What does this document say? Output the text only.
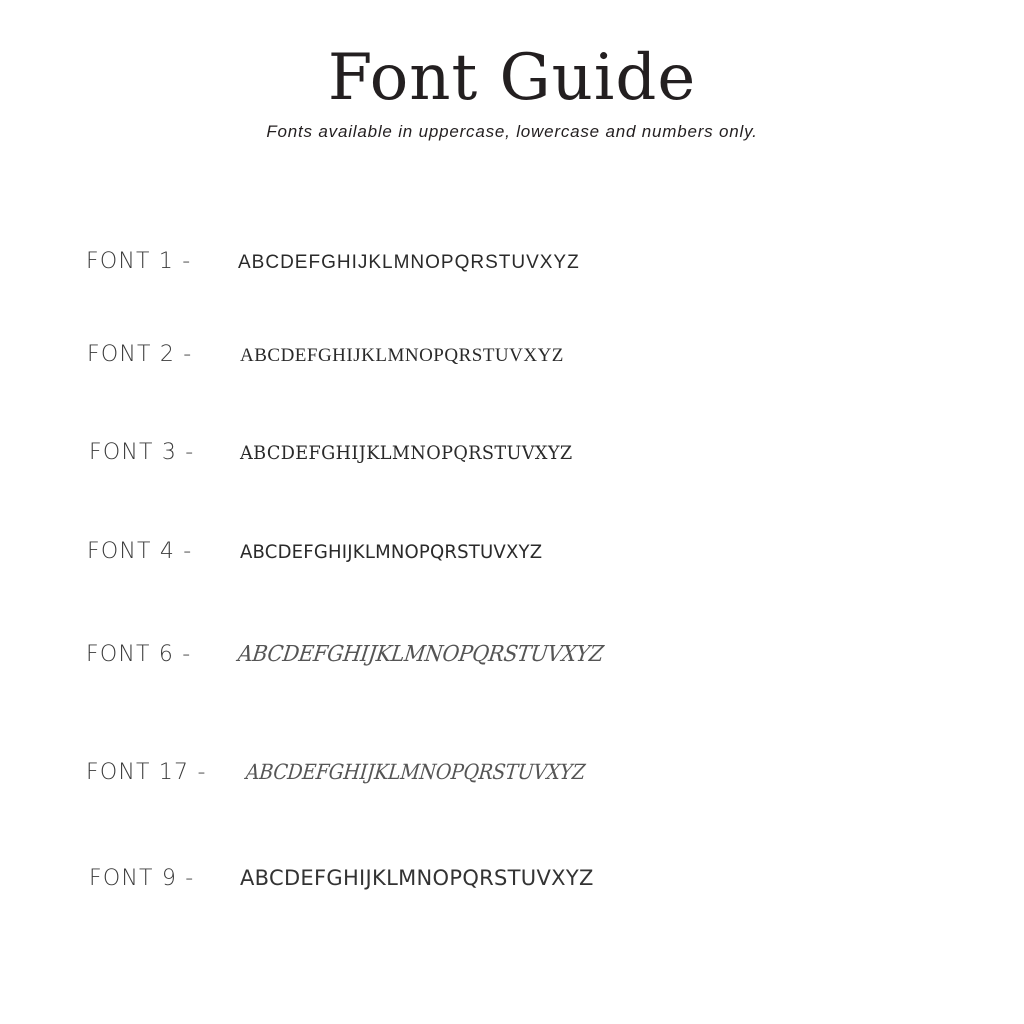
Font Guide

Fonts available in uppercase, lowercase and numbers only.

FONT 1 - ABCDEFGHIJKLMNOPQRSTUVXYZ
FONT 2 -	ABCDEFGHIJKLMNOPQRSTUVXYZ
FONT 3 - ABCDEFGHIJKLMNOPQRSTUVXYZ
FONT 4 -	ABCDEFGHIJKLMNOPQRSTUVXYZ
FONT 6 - ABCDEFGHIJKLMNOPQRSTUVXYZ
FONT 17 - ABCDEFGHIJKLMNOPQRSTUVXYZ
FONT 9 - ABCDEFGHIJKLMNOPQRSTUVXYZ
